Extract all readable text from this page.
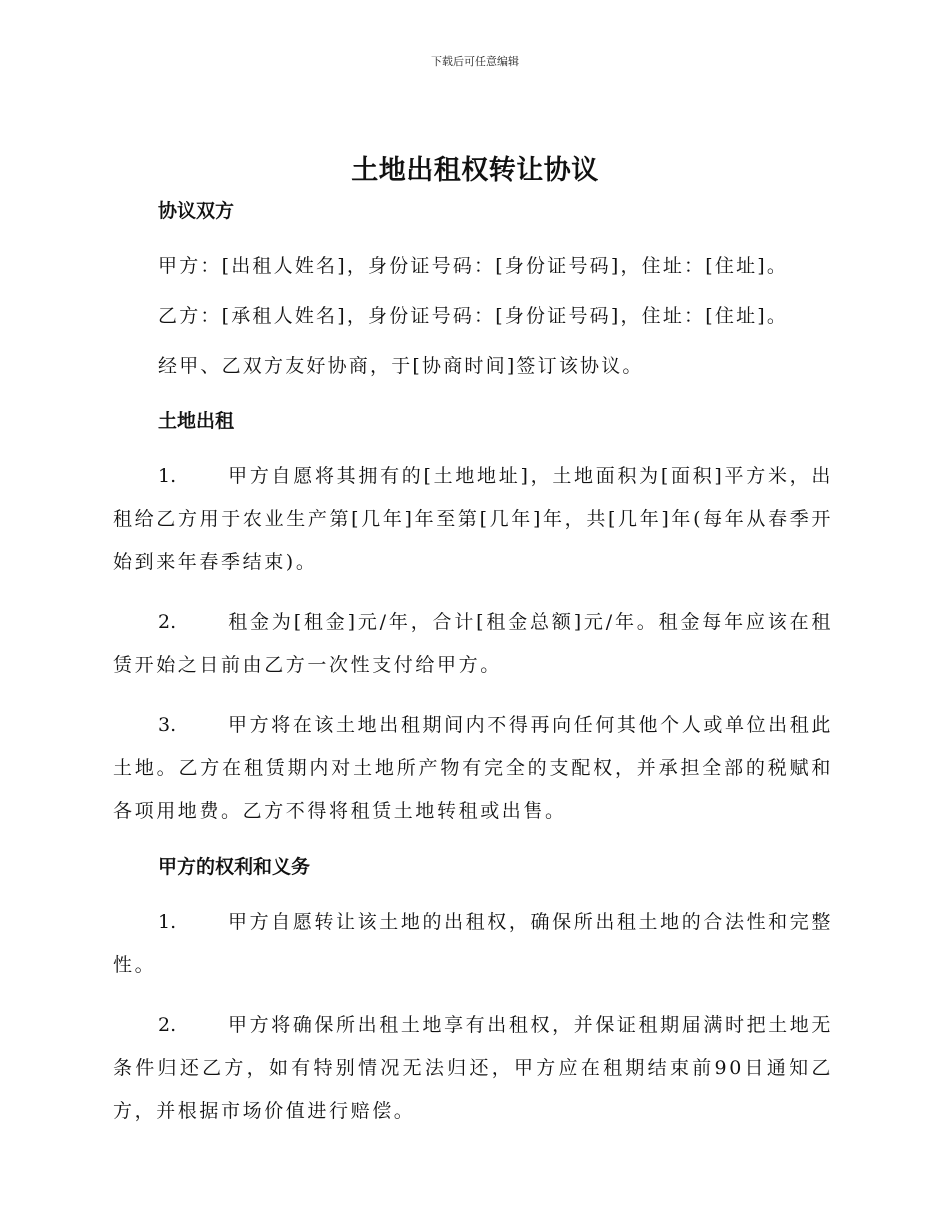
下载后可任意编辑
土地出租权转让协议
协议双方
甲方：[出租人姓名]，身份证号码：[身份证号码]，住址：[住址]。
乙方：[承租人姓名]，身份证号码：[身份证号码]，住址：[住址]。
经甲、乙双方友好协商，于[协商时间]签订该协议。
土地出租
1.	甲方自愿将其拥有的[土地地址]，土地面积为[面积]平方米，出租给乙方用于农业生产第[几年]年至第[几年]年，共[几年]年(每年从春季开始到来年春季结束)。
2.	租金为[租金]元/年，合计[租金总额]元/年。租金每年应该在租赁开始之日前由乙方一次性支付给甲方。
3.	甲方将在该土地出租期间内不得再向任何其他个人或单位出租此土地。乙方在租赁期内对土地所产物有完全的支配权，并承担全部的税赋和各项用地费。乙方不得将租赁土地转租或出售。
甲方的权利和义务
1.	甲方自愿转让该土地的出租权，确保所出租土地的合法性和完整性。
2.	甲方将确保所出租土地享有出租权，并保证租期届满时把土地无条件归还乙方，如有特别情况无法归还，甲方应在租期结束前90日通知乙方，并根据市场价值进行赔偿。
